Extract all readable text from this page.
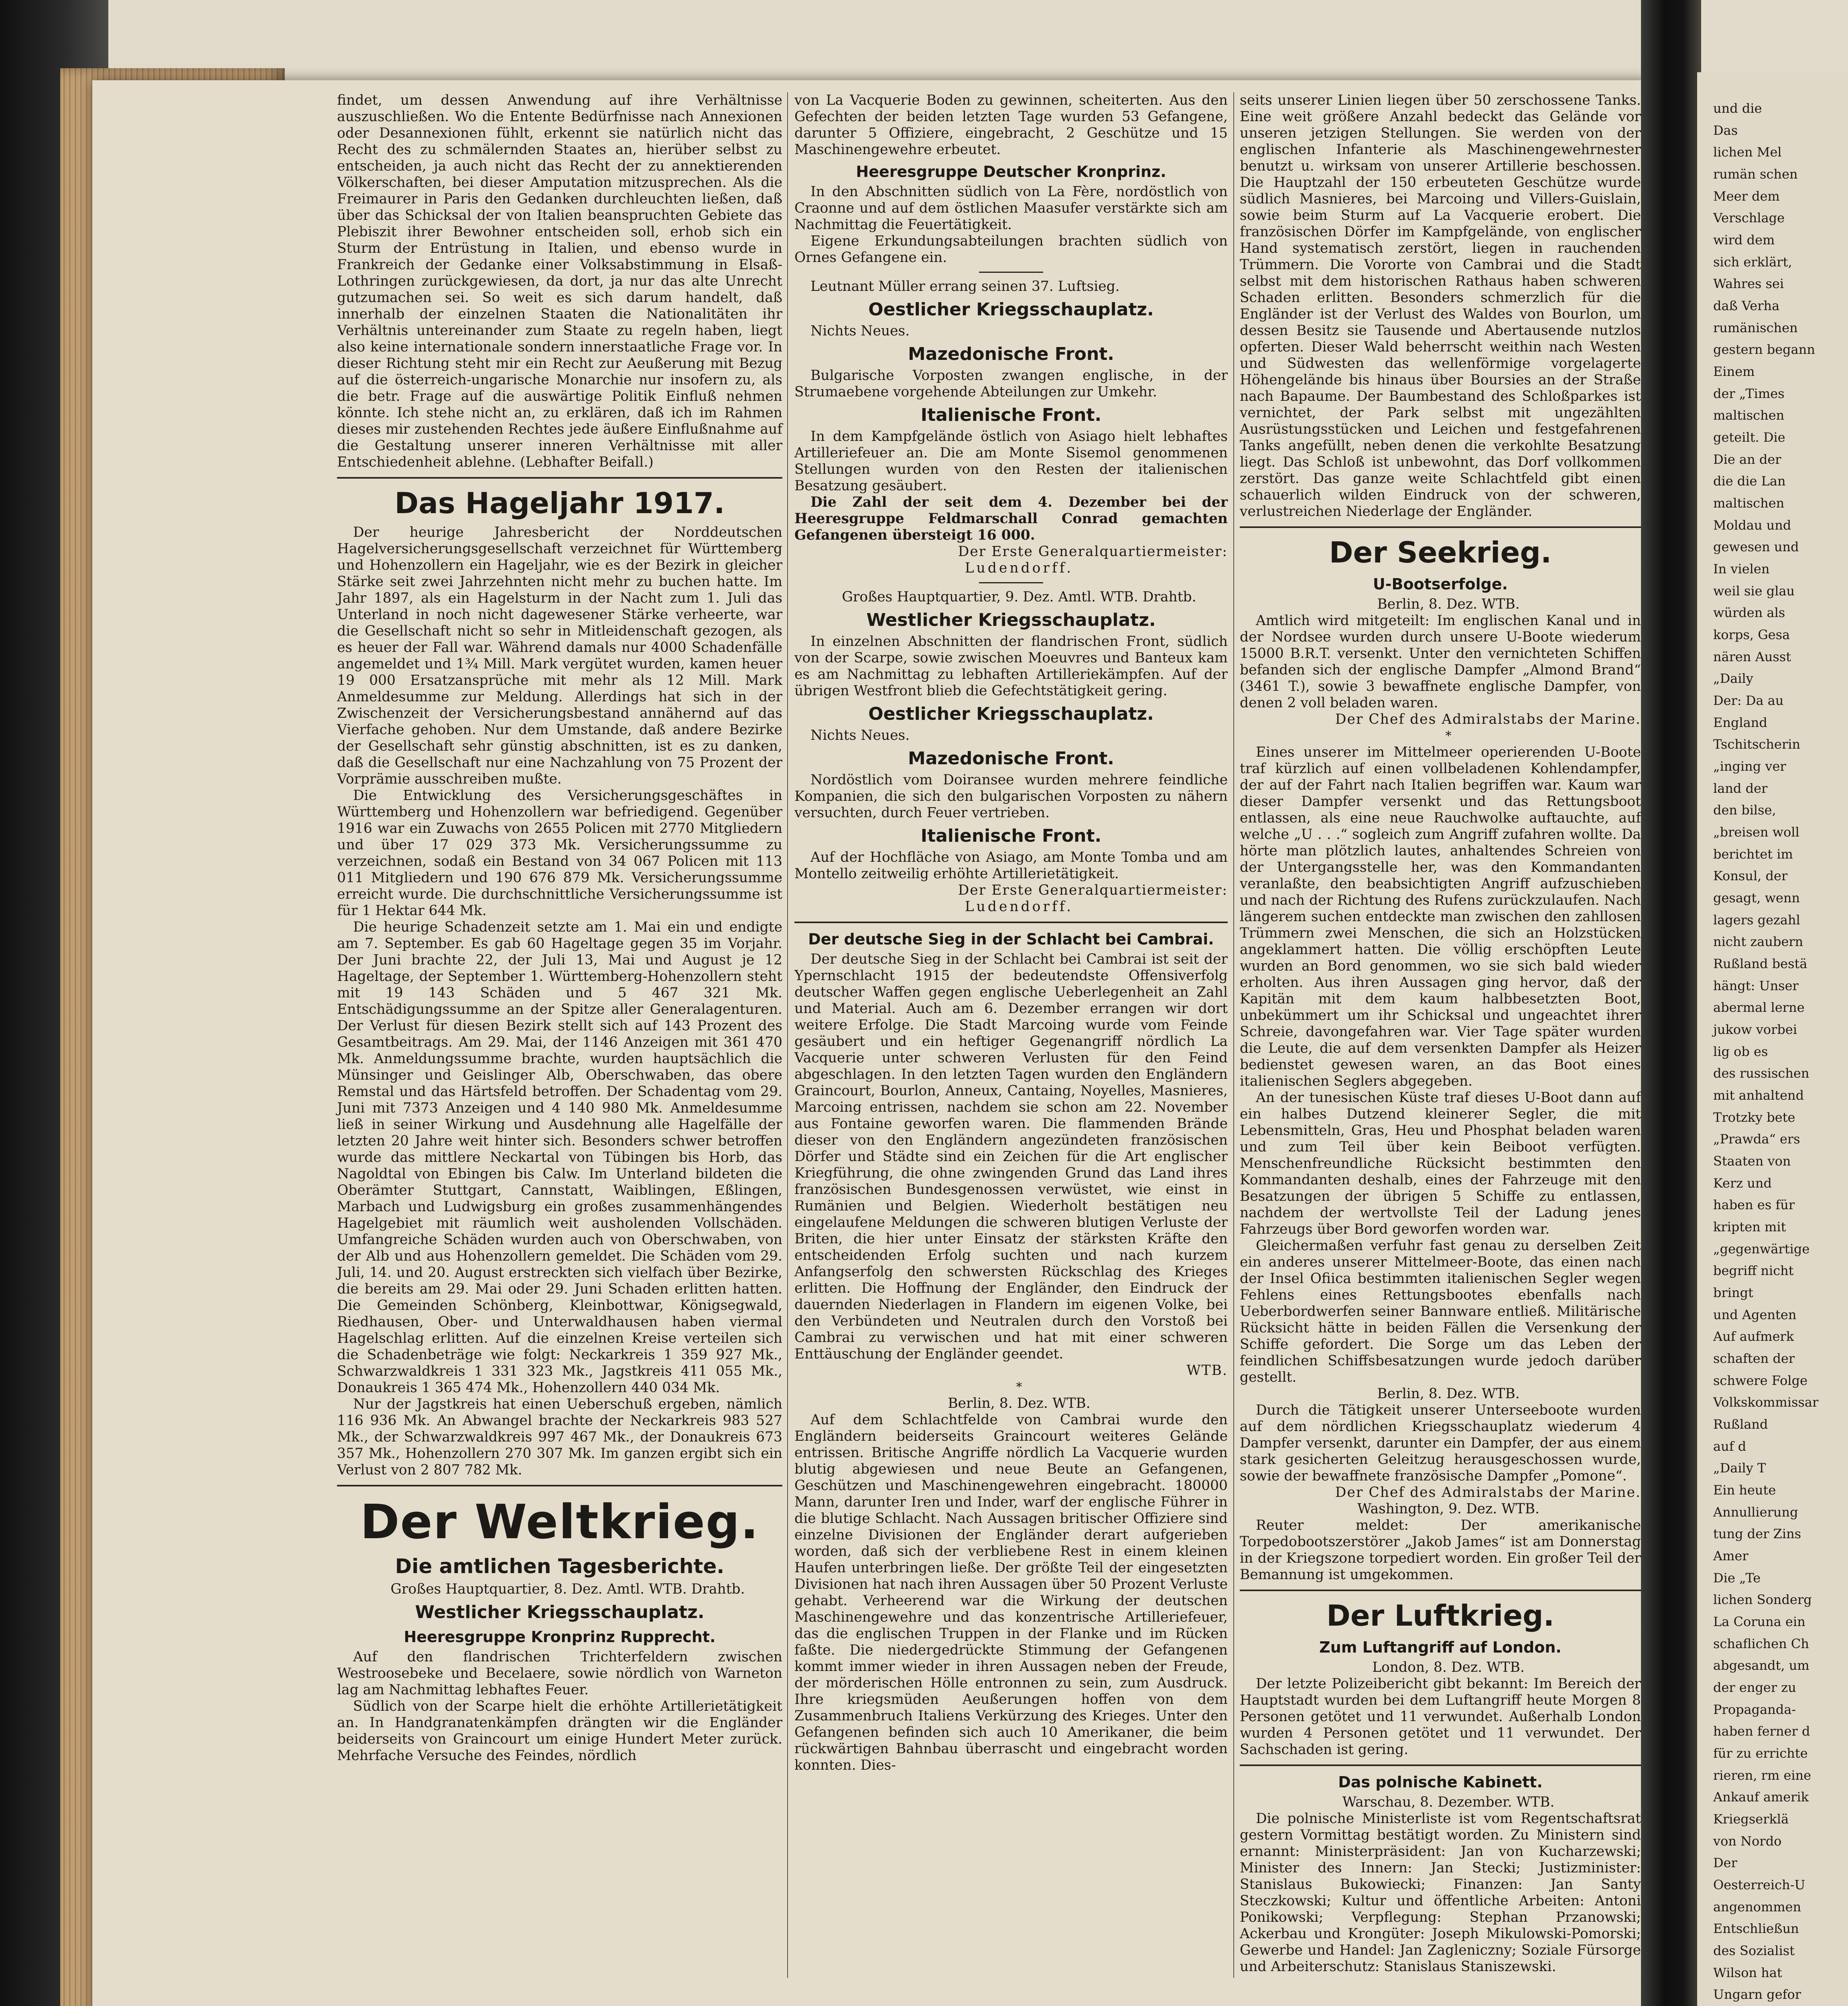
findet, um dessen Anwendung auf ihre Verhältnisse auszuschließen. Wo die Entente Bedürfnisse nach Annexionen oder Desannexionen fühlt, erkennt sie natürlich nicht das Recht des zu schmälernden Staates an, hierüber selbst zu entscheiden, ja auch nicht das Recht der zu annektierenden Völkerschaften, bei dieser Amputation mitzusprechen. Als die Freimaurer in Paris den Gedanken durchleuchten ließen, daß über das Schicksal der von Italien beanspruchten Gebiete das Plebiszit ihrer Bewohner entscheiden soll, erhob sich ein Sturm der Entrüstung in Italien, und ebenso wurde in Frankreich der Gedanke einer Volksabstimmung in Elsaß-Lothringen zurückgewiesen, da dort, ja nur das alte Unrecht gutzumachen sei. So weit es sich darum handelt, daß innerhalb der einzelnen Staaten die Nationalitäten ihr Verhältnis untereinander zum Staate zu regeln haben, liegt also keine internationale sondern innerstaatliche Frage vor. In dieser Richtung steht mir ein Recht zur Aeußerung mit Bezug auf die österreich-ungarische Monarchie nur insofern zu, als die betr. Frage auf die auswärtige Politik Einfluß nehmen könnte. Ich stehe nicht an, zu erklären, daß ich im Rahmen dieses mir zustehenden Rechtes jede äußere Einflußnahme auf die Gestaltung unserer inneren Verhältnisse mit aller Entschiedenheit ablehne. (Lebhafter Beifall.)

Das Hageljahr 1917.

Der heurige Jahresbericht der Norddeutschen Hagelversicherungsgesellschaft verzeichnet für Württemberg und Hohenzollern ein Hageljahr, wie es der Bezirk in gleicher Stärke seit zwei Jahrzehnten nicht mehr zu buchen hatte. Im Jahr 1897, als ein Hagelsturm in der Nacht zum 1. Juli das Unterland in noch nicht dagewesener Stärke verheerte, war die Gesellschaft nicht so sehr in Mitleidenschaft gezogen, als es heuer der Fall war. Während damals nur 4000 Schadenfälle angemeldet und 1¾ Mill. Mark vergütet wurden, kamen heuer 19 000 Ersatzansprüche mit mehr als 12 Mill. Mark Anmeldesumme zur Meldung. Allerdings hat sich in der Zwischenzeit der Versicherungsbestand annähernd auf das Vierfache gehoben. Nur dem Umstande, daß andere Bezirke der Gesellschaft sehr günstig abschnitten, ist es zu danken, daß die Gesellschaft nur eine Nachzahlung von 75 Prozent der Vorprämie ausschreiben mußte.

Die Entwicklung des Versicherungsgeschäftes in Württemberg und Hohenzollern war befriedigend. Gegenüber 1916 war ein Zuwachs von 2655 Policen mit 2770 Mitgliedern und über 17 029 373 Mk. Versicherungssumme zu verzeichnen, sodaß ein Bestand von 34 067 Policen mit 113 011 Mitgliedern und 190 676 879 Mk. Versicherungssumme erreicht wurde. Die durchschnittliche Versicherungssumme ist für 1 Hektar 644 Mk.

Die heurige Schadenzeit setzte am 1. Mai ein und endigte am 7. September. Es gab 60 Hageltage gegen 35 im Vorjahr. Der Juni brachte 22, der Juli 13, Mai und August je 12 Hageltage, der September 1. Württemberg-Hohenzollern steht mit 19 143 Schäden und 5 467 321 Mk. Entschädigungssumme an der Spitze aller Generalagenturen. Der Verlust für diesen Bezirk stellt sich auf 143 Prozent des Gesamtbeitrags. Am 29. Mai, der 1146 Anzeigen mit 361 470 Mk. Anmeldungssumme brachte, wurden hauptsächlich die Münsinger und Geislinger Alb, Oberschwaben, das obere Remstal und das Härtsfeld betroffen. Der Schadentag vom 29. Juni mit 7373 Anzeigen und 4 140 980 Mk. Anmeldesumme ließ in seiner Wirkung und Ausdehnung alle Hagelfälle der letzten 20 Jahre weit hinter sich. Besonders schwer betroffen wurde das mittlere Neckartal von Tübingen bis Horb, das Nagoldtal von Ebingen bis Calw. Im Unterland bildeten die Oberämter Stuttgart, Cannstatt, Waiblingen, Eßlingen, Marbach und Ludwigsburg ein großes zusammenhängendes Hagelgebiet mit räumlich weit ausholenden Vollschäden. Umfangreiche Schäden wurden auch von Oberschwaben, von der Alb und aus Hohenzollern gemeldet. Die Schäden vom 29. Juli, 14. und 20. August erstreckten sich vielfach über Bezirke, die bereits am 29. Mai oder 29. Juni Schaden erlitten hatten. Die Gemeinden Schönberg, Kleinbottwar, Königsegwald, Riedhausen, Ober- und Unterwaldhausen haben viermal Hagelschlag erlitten. Auf die einzelnen Kreise verteilen sich die Schadenbeträge wie folgt: Neckarkreis 1 359 927 Mk., Schwarzwaldkreis 1 331 323 Mk., Jagstkreis 411 055 Mk., Donaukreis 1 365 474 Mk., Hohenzollern 440 034 Mk.

Nur der Jagstkreis hat einen Ueberschuß ergeben, nämlich 116 936 Mk. An Abwangel brachte der Neckarkreis 983 527 Mk., der Schwarzwaldkreis 997 467 Mk., der Donaukreis 673 357 Mk., Hohenzollern 270 307 Mk. Im ganzen ergibt sich ein Verlust von 2 807 782 Mk.

Der Weltkrieg.
Die amtlichen Tagesberichte.

Großes Hauptquartier, 8. Dez. Amtl. WTB. Drahtb.

Westlicher Kriegsschauplatz.
Heeresgruppe Kronprinz Rupprecht.

Auf den flandrischen Trichterfeldern zwischen Westroosebeke und Becelaere, sowie nördlich von Warneton lag am Nachmittag lebhaftes Feuer.

Südlich von der Scarpe hielt die erhöhte Artillerietätigkeit an. In Handgranatenkämpfen drängten wir die Engländer beiderseits von Graincourt um einige Hundert Meter zurück. Mehrfache Versuche des Feindes, nördlich

von La Vacquerie Boden zu gewinnen, scheiterten. Aus den Gefechten der beiden letzten Tage wurden 53 Gefangene, darunter 5 Offiziere, eingebracht, 2 Geschütze und 15 Maschinengewehre erbeutet.

Heeresgruppe Deutscher Kronprinz.

In den Abschnitten südlich von La Fère, nordöstlich von Craonne und auf dem östlichen Maasufer verstärkte sich am Nachmittag die Feuertätigkeit.

Eigene Erkundungsabteilungen brachten südlich von Ornes Gefangene ein.

Leutnant Müller errang seinen 37. Luftsieg.

Oestlicher Kriegsschauplatz.

Nichts Neues.

Mazedonische Front.

Bulgarische Vorposten zwangen englische, in der Strumaebene vorgehende Abteilungen zur Umkehr.

Italienische Front.

In dem Kampfgelände östlich von Asiago hielt lebhaftes Artilleriefeuer an. Die am Monte Sisemol genommenen Stellungen wurden von den Resten der italienischen Besatzung gesäubert.

Die Zahl der seit dem 4. Dezember bei der Heeresgruppe Feldmarschall Conrad gemachten Gefangenen übersteigt 16 000.

Der Erste Generalquartiermeister:

Ludendorff.

Großes Hauptquartier, 9. Dez. Amtl. WTB. Drahtb.

Westlicher Kriegsschauplatz.

In einzelnen Abschnitten der flandrischen Front, südlich von der Scarpe, sowie zwischen Moeuvres und Banteux kam es am Nachmittag zu lebhaften Artilleriekämpfen. Auf der übrigen Westfront blieb die Gefechtstätigkeit gering.

Oestlicher Kriegsschauplatz.

Nichts Neues.

Mazedonische Front.

Nordöstlich vom Doiransee wurden mehrere feindliche Kompanien, die sich den bulgarischen Vorposten zu nähern versuchten, durch Feuer vertrieben.

Italienische Front.

Auf der Hochfläche von Asiago, am Monte Tomba und am Montello zeitweilig erhöhte Artillerietätigkeit.

Der Erste Generalquartiermeister:

Ludendorff.

Der deutsche Sieg in der Schlacht bei Cambrai.

Der deutsche Sieg in der Schlacht bei Cambrai ist seit der Ypernschlacht 1915 der bedeutendste Offensiverfolg deutscher Waffen gegen englische Ueberlegenheit an Zahl und Material. Auch am 6. Dezember errangen wir dort weitere Erfolge. Die Stadt Marcoing wurde vom Feinde gesäubert und ein heftiger Gegenangriff nördlich La Vacquerie unter schweren Verlusten für den Feind abgeschlagen. In den letzten Tagen wurden den Engländern Graincourt, Bourlon, Anneux, Cantaing, Noyelles, Masnieres, Marcoing entrissen, nachdem sie schon am 22. November aus Fontaine geworfen waren. Die flammenden Brände dieser von den Engländern angezündeten französischen Dörfer und Städte sind ein Zeichen für die Art englischer Kriegführung, die ohne zwingenden Grund das Land ihres französischen Bundesgenossen verwüstet, wie einst in Rumänien und Belgien. Wiederholt bestätigen neu eingelaufene Meldungen die schweren blutigen Verluste der Briten, die hier unter Einsatz der stärksten Kräfte den entscheidenden Erfolg suchten und nach kurzem Anfangserfolg den schwersten Rückschlag des Krieges erlitten. Die Hoffnung der Engländer, den Eindruck der dauernden Niederlagen in Flandern im eigenen Volke, bei den Verbündeten und Neutralen durch den Vorstoß bei Cambrai zu verwischen und hat mit einer schweren Enttäuschung der Engländer geendet.

WTB.

*

Berlin, 8. Dez. WTB.

Auf dem Schlachtfelde von Cambrai wurde den Engländern beiderseits Graincourt weiteres Gelände entrissen. Britische Angriffe nördlich La Vacquerie wurden blutig abgewiesen und neue Beute an Gefangenen, Geschützen und Maschinengewehren eingebracht. 180000 Mann, darunter Iren und Inder, warf der englische Führer in die blutige Schlacht. Nach Aussagen britischer Offiziere sind einzelne Divisionen der Engländer derart aufgerieben worden, daß sich der verbliebene Rest in einem kleinen Haufen unterbringen ließe. Der größte Teil der eingesetzten Divisionen hat nach ihren Aussagen über 50 Prozent Verluste gehabt. Verheerend war die Wirkung der deutschen Maschinengewehre und das konzentrische Artilleriefeuer, das die englischen Truppen in der Flanke und im Rücken faßte. Die niedergedrückte Stimmung der Gefangenen kommt immer wieder in ihren Aussagen neben der Freude, der mörderischen Hölle entronnen zu sein, zum Ausdruck. Ihre kriegsmüden Aeußerungen hoffen von dem Zusammenbruch Italiens Verkürzung des Krieges. Unter den Gefangenen befinden sich auch 10 Amerikaner, die beim rückwärtigen Bahnbau überrascht und eingebracht worden konnten. Dies-

seits unserer Linien liegen über 50 zerschossene Tanks. Eine weit größere Anzahl bedeckt das Gelände vor unseren jetzigen Stellungen. Sie werden von der englischen Infanterie als Maschinengewehrnester benutzt u. wirksam von unserer Artillerie beschossen. Die Hauptzahl der 150 erbeuteten Geschütze wurde südlich Masnieres, bei Marcoing und Villers-Guislain, sowie beim Sturm auf La Vacquerie erobert. Die französischen Dörfer im Kampfgelände, von englischer Hand systematisch zerstört, liegen in rauchenden Trümmern. Die Vororte von Cambrai und die Stadt selbst mit dem historischen Rathaus haben schweren Schaden erlitten. Besonders schmerzlich für die Engländer ist der Verlust des Waldes von Bourlon, um dessen Besitz sie Tausende und Abertausende nutzlos opferten. Dieser Wald beherrscht weithin nach Westen und Südwesten das wellenförmige vorgelagerte Höhengelände bis hinaus über Boursies an der Straße nach Bapaume. Der Baumbestand des Schloßparkes ist vernichtet, der Park selbst mit ungezählten Ausrüstungsstücken und Leichen und festgefahrenen Tanks angefüllt, neben denen die verkohlte Besatzung liegt. Das Schloß ist unbewohnt, das Dorf vollkommen zerstört. Das ganze weite Schlachtfeld gibt einen schauerlich wilden Eindruck von der schweren, verlustreichen Niederlage der Engländer.

Der Seekrieg.
U-Bootserfolge.

Berlin, 8. Dez. WTB.

Amtlich wird mitgeteilt: Im englischen Kanal und in der Nordsee wurden durch unsere U-Boote wiederum 15000 B.R.T. versenkt. Unter den vernichteten Schiffen befanden sich der englische Dampfer „Almond Brand“ (3461 T.), sowie 3 bewaffnete englische Dampfer, von denen 2 voll beladen waren.

Der Chef des Admiralstabs der Marine.

*

Eines unserer im Mittelmeer operierenden U-Boote traf kürzlich auf einen vollbeladenen Kohlendampfer, der auf der Fahrt nach Italien begriffen war. Kaum war dieser Dampfer versenkt und das Rettungsboot entlassen, als eine neue Rauchwolke auftauchte, auf welche „U . . .“ sogleich zum Angriff zufahren wollte. Da hörte man plötzlich lautes, anhaltendes Schreien von der Untergangsstelle her, was den Kommandanten veranlaßte, den beabsichtigten Angriff aufzuschieben und nach der Richtung des Rufens zurückzulaufen. Nach längerem suchen entdeckte man zwischen den zahllosen Trümmern zwei Menschen, die sich an Holzstücken angeklammert hatten. Die völlig erschöpften Leute wurden an Bord genommen, wo sie sich bald wieder erholten. Aus ihren Aussagen ging hervor, daß der Kapitän mit dem kaum halbbesetzten Boot, unbekümmert um ihr Schicksal und ungeachtet ihrer Schreie, davongefahren war. Vier Tage später wurden die Leute, die auf dem versenkten Dampfer als Heizer bedienstet gewesen waren, an das Boot eines italienischen Seglers abgegeben.

An der tunesischen Küste traf dieses U-Boot dann auf ein halbes Dutzend kleinerer Segler, die mit Lebensmitteln, Gras, Heu und Phosphat beladen waren und zum Teil über kein Beiboot verfügten. Menschenfreundliche Rücksicht bestimmten den Kommandanten deshalb, eines der Fahrzeuge mit den Besatzungen der übrigen 5 Schiffe zu entlassen, nachdem der wertvollste Teil der Ladung jenes Fahrzeugs über Bord geworfen worden war.

Gleichermaßen verfuhr fast genau zu derselben Zeit ein anderes unserer Mittelmeer-Boote, das einen nach der Insel Ofiica bestimmten italienischen Segler wegen Fehlens eines Rettungsbootes ebenfalls nach Ueberbordwerfen seiner Bannware entließ. Militärische Rücksicht hätte in beiden Fällen die Versenkung der Schiffe gefordert. Die Sorge um das Leben der feindlichen Schiffsbesatzungen wurde jedoch darüber gestellt.

Berlin, 8. Dez. WTB.

Durch die Tätigkeit unserer Unterseeboote wurden auf dem nördlichen Kriegsschauplatz wiederum 4 Dampfer versenkt, darunter ein Dampfer, der aus einem stark gesicherten Geleitzug herausgeschossen wurde, sowie der bewaffnete französische Dampfer „Pomone“.

Der Chef des Admiralstabs der Marine.

Washington, 9. Dez. WTB.

Reuter meldet: Der amerikanische Torpedobootszerstörer „Jakob James“ ist am Donnerstag in der Kriegszone torpediert worden. Ein großer Teil der Bemannung ist umgekommen.

Der Luftkrieg.
Zum Luftangriff auf London.

London, 8. Dez. WTB.

Der letzte Polizeibericht gibt bekannt: Im Bereich der Hauptstadt wurden bei dem Luftangriff heute Morgen 8 Personen getötet und 11 verwundet. Außerhalb London wurden 4 Personen getötet und 11 verwundet. Der Sachschaden ist gering.

Das polnische Kabinett.

Warschau, 8. Dezember. WTB.

Die polnische Ministerliste ist vom Regentschaftsrat gestern Vormittag bestätigt worden. Zu Ministern sind ernannt: Ministerpräsident: Jan von Kucharzewski; Minister des Innern: Jan Stecki; Justizminister: Stanislaus Bukowiecki; Finanzen: Jan Santy Steczkowski; Kultur und öffentliche Arbeiten: Antoni Ponikowski; Verpflegung: Stephan Przanowski; Ackerbau und Krongüter: Joseph Mikulowski-Pomorski; Gewerbe und Handel: Jan Zagleniczny; Soziale Fürsorge und Arbeiterschutz: Stanislaus Staniszewski.

und die
Das
lichen Mel
rumän schen
Meer dem
Verschlage
wird dem
sich erklärt,
Wahres sei
daß Verha
rumänischen
gestern begann
Einem
der „Times
maltischen
geteilt. Die
Die an der
die die Lan
maltischen
Moldau und
gewesen und
In vielen
weil sie glau
würden als
korps, Gesa
nären Ausst
„Daily
Der: Da au
England
Tschitscherin
„inging ver
land der
den bilse,
„breisen woll
berichtet im
Konsul, der
gesagt, wenn
lagers gezahl
nicht zaubern
Rußland bestä
hängt: Unser
abermal lerne
jukow vorbei
lig ob es
des russischen
mit anhaltend
Trotzky bete
„Prawda“ ers
Staaten von
Kerz und
haben es für
kripten mit
„gegenwärtige
begriff nicht
bringt
und Agenten
Auf aufmerk
schaften der
schwere Folge
Volkskommissar
Rußland
auf d
„Daily T
Ein heute
Annullierung
tung der Zins
Amer
Die „Te
lichen Sonderg
La Coruna ein
schaflichen Ch
abgesandt, um
der enger zu
Propaganda-
haben ferner d
für zu errichte
rieren, rm eine
Ankauf amerik
Kriegserklä
von Nordo
Der
Oesterreich-U
angenommen
Entschließun
des Sozialist
Wilson hat
Ungarn gefor
